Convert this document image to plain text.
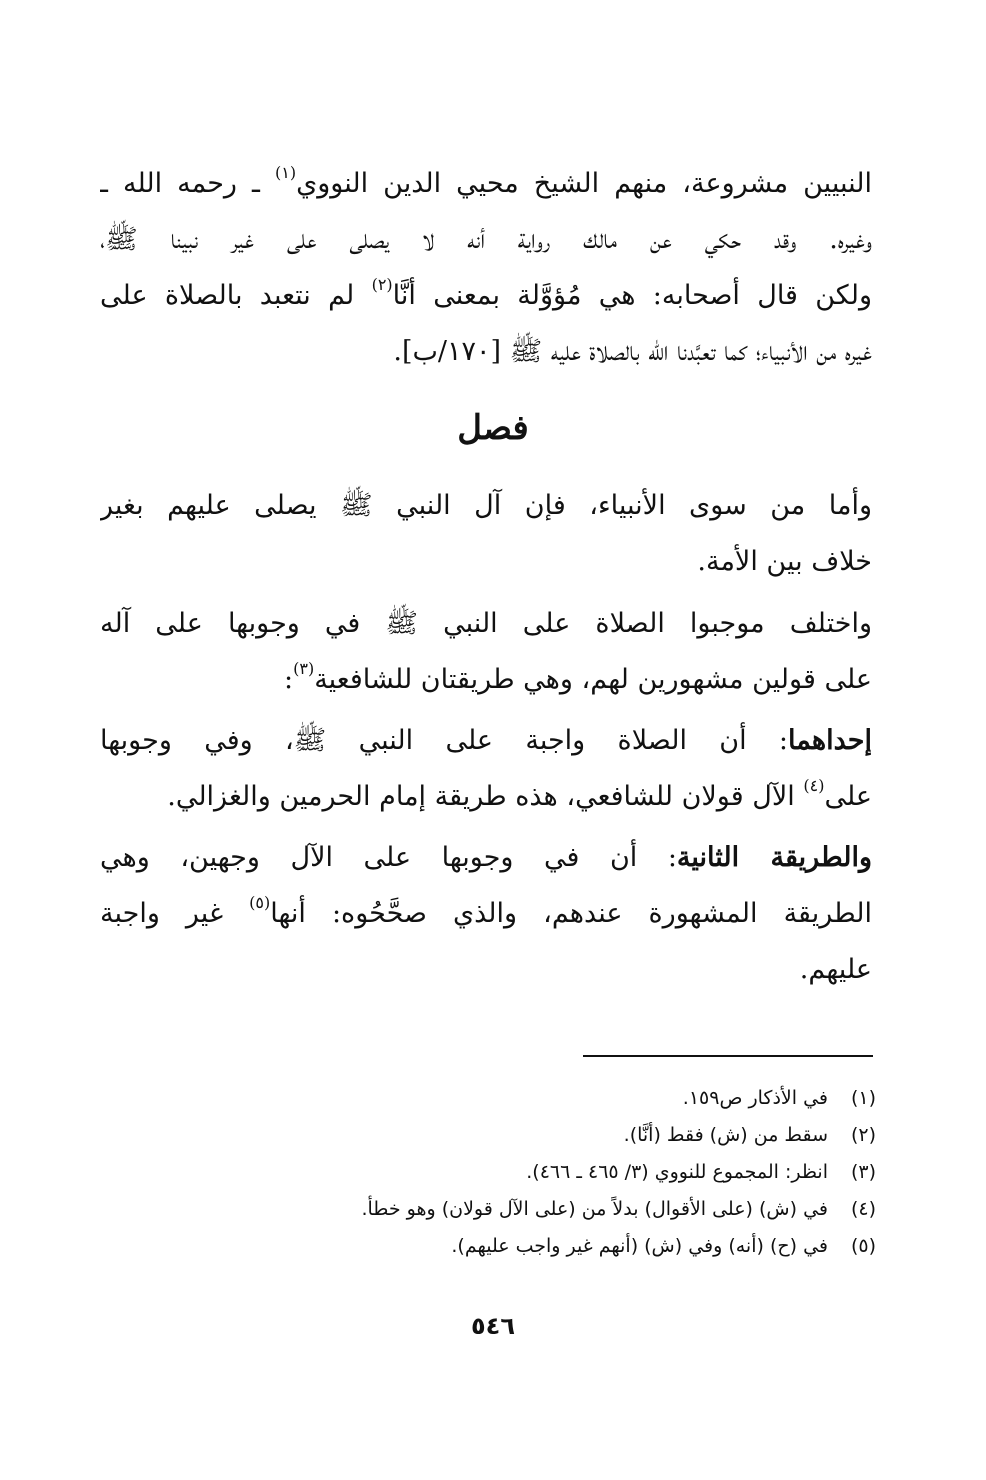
النبيين مشروعة، منهم الشيخ محيي الدين النووي$^{(١)}$ ـ رحمه الله ـ
وغيره. وقد حكي عن مالك رواية أنه لا يصلى على غير نبينا ﷺ،
ولكن قال أصحابه: هي مُؤوَّلة بمعنى أنَّا$^{(٢)}$ لم نتعبد بالصلاة على
غيره من الأنبياء؛ كما تعبَّدنا الله بالصلاة عليه ﷺ [١٧٠/ب].
فصل
وأما من سوى الأنبياء، فإن آل النبي ﷺ يصلى عليهم بغير
خلاف بين الأمة.
واختلف موجبوا الصلاة على النبي ﷺ في وجوبها على آله
على قولين مشهورين لهم، وهي طريقتان للشافعية$^{(٣)}$:
إحداهما: أن الصلاة واجبة على النبي ﷺ، وفي وجوبها
على$^{(٤)}$ الآل قولان للشافعي، هذه طريقة إمام الحرمين والغزالي.
والطريقة الثانية: أن في وجوبها على الآل وجهين، وهي
الطريقة المشهورة عندهم، والذي صحَّحُوه: أنها$^{(٥)}$ غير واجبة
عليهم.
(١)
في الأذكار ص١٥٩.
(٢)
سقط من (ش) فقط (أنَّا).
(٣)
انظر: المجموع للنووي (٣/ ٤٦٥ ـ ٤٦٦).
(٤)
في (ش) (على الأقوال) بدلاً من (على الآل قولان) وهو خطأ.
(٥)
في (ح) (أنه) وفي (ش) (أنهم غير واجب عليهم).
٥٤٦
